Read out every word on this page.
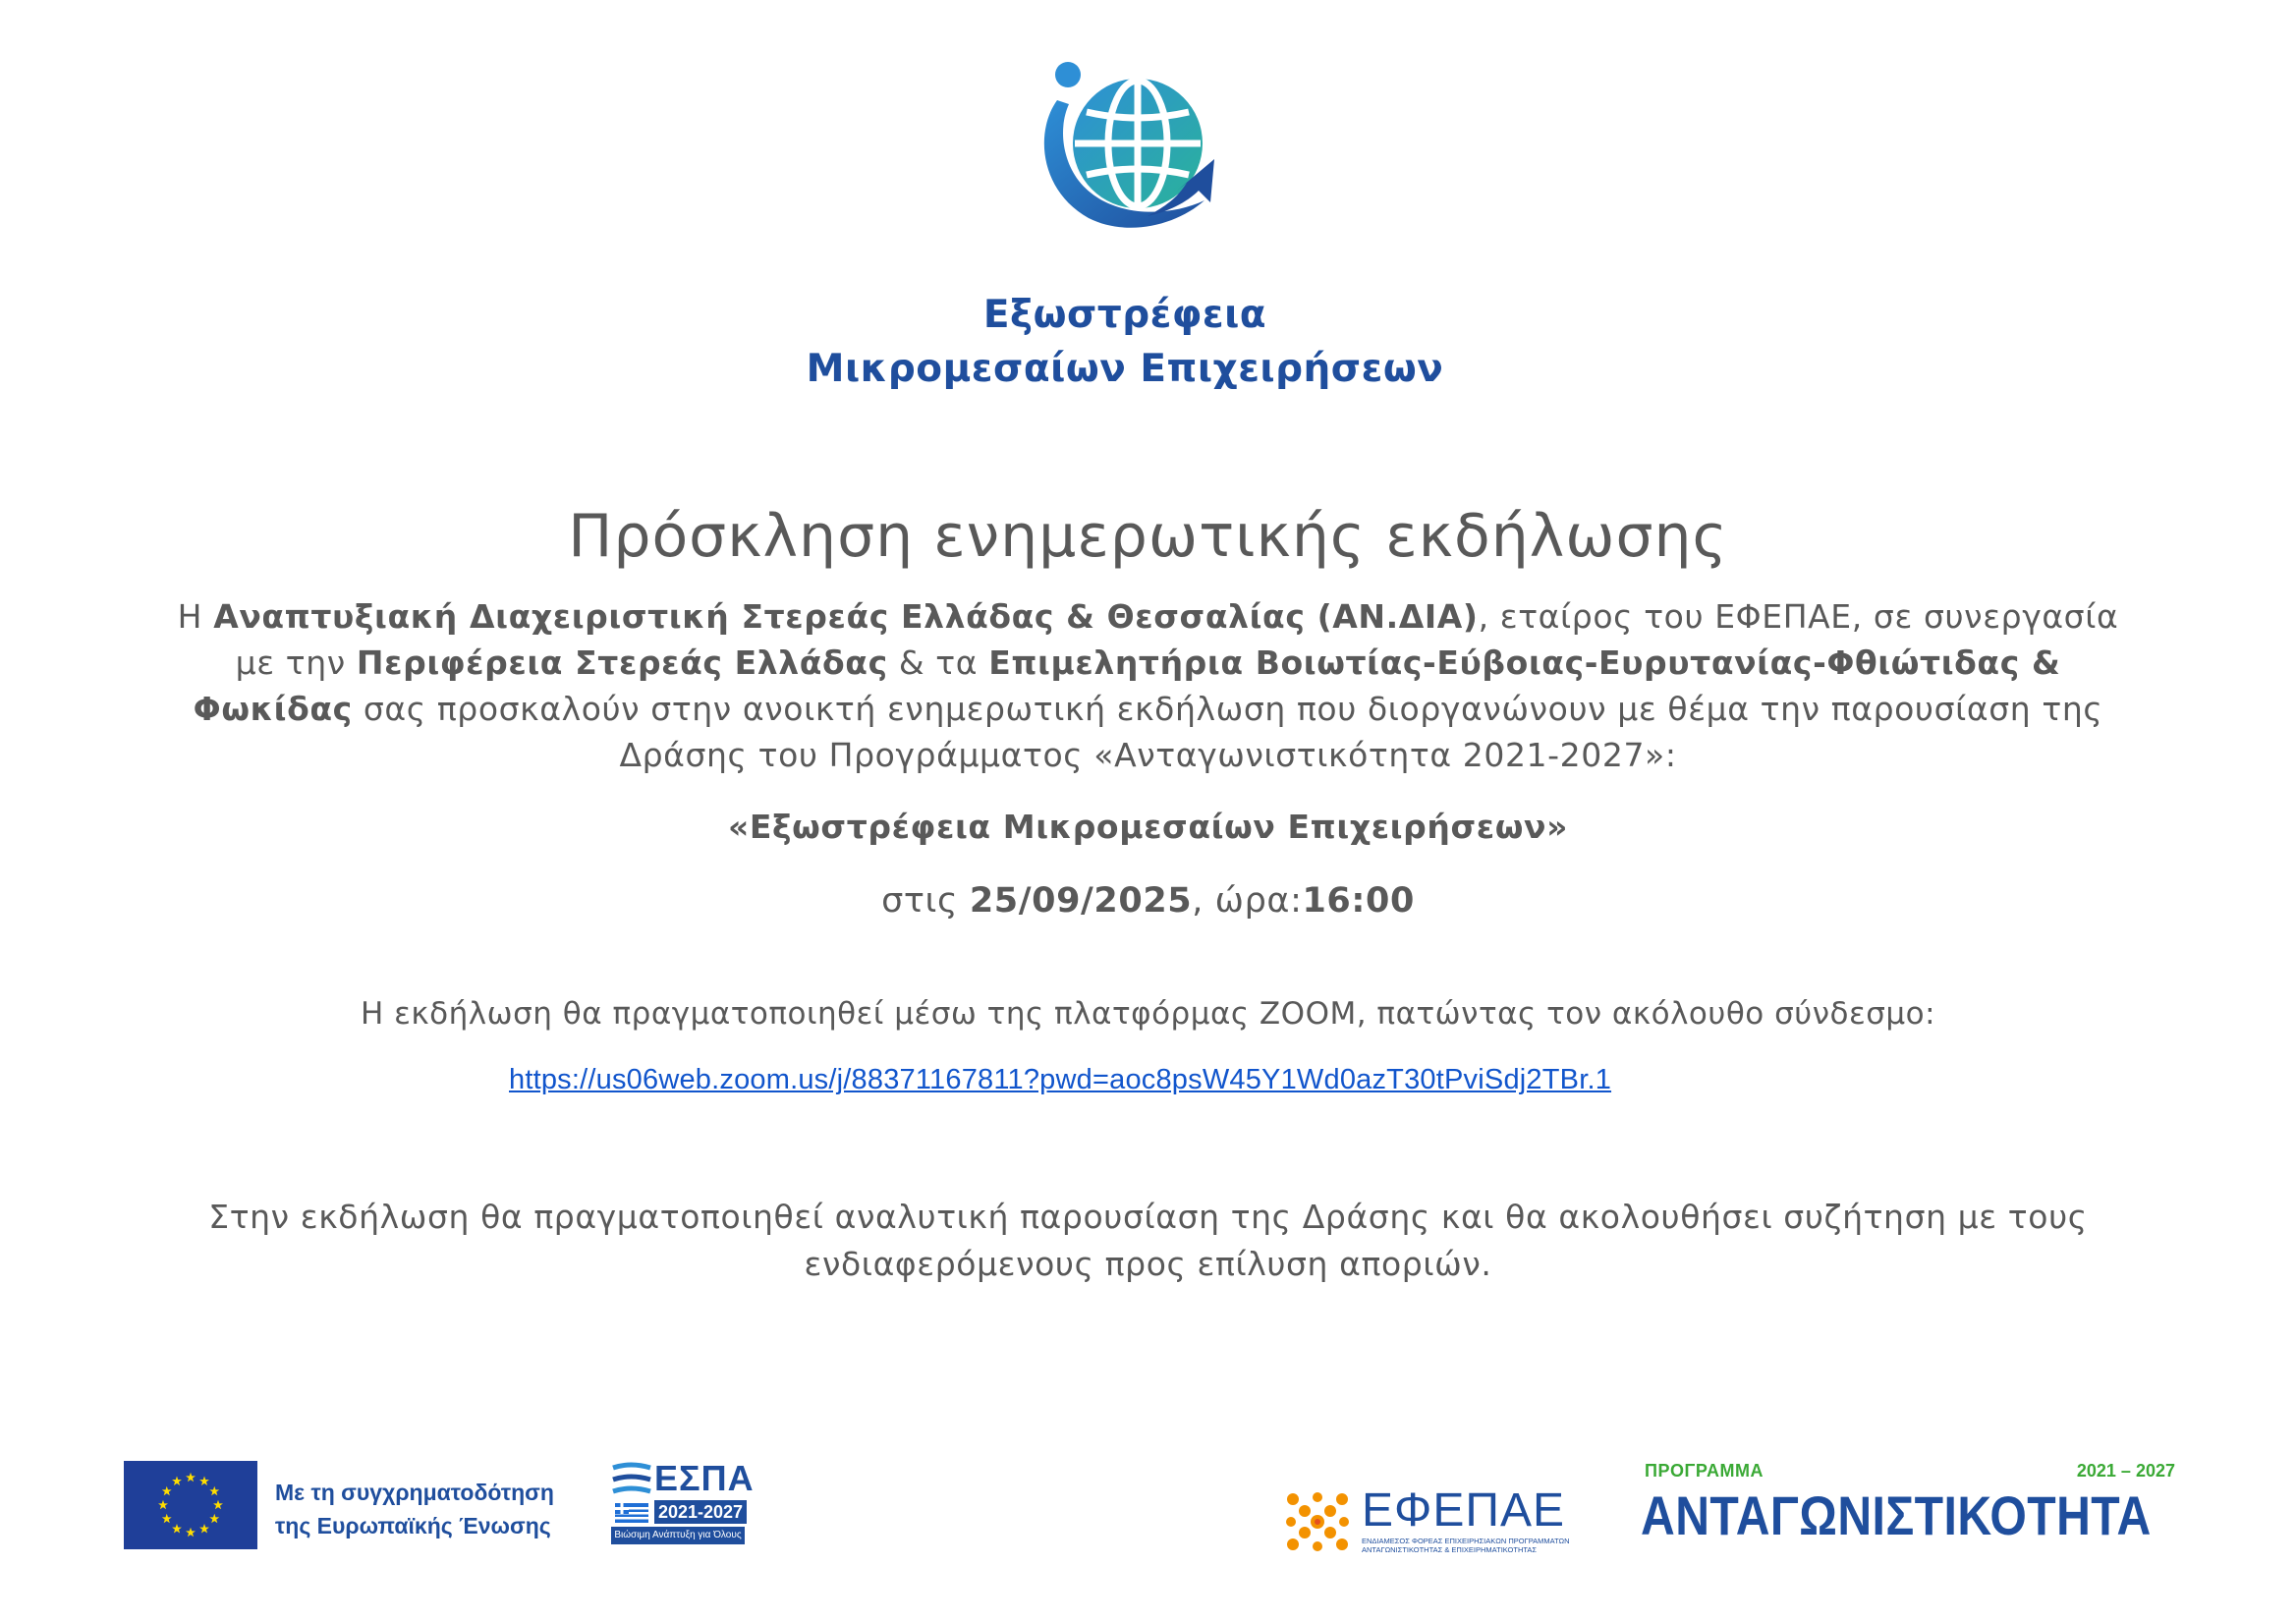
Εξωστρέφεια
Μικρομεσαίων Επιχειρήσεων
Πρόσκληση ενημερωτικής εκδήλωσης
Η Αναπτυξιακή Διαχειριστική Στερεάς Ελλάδας & Θεσσαλίας (ΑΝ.ΔΙΑ), εταίρος του ΕΦΕΠΑΕ, σε συνεργασία με την Περιφέρεια Στερεάς Ελλάδας & τα Επιμελητήρια Βοιωτίας-Εύβοιας-Ευρυτανίας-Φθιώτιδας & Φωκίδας σας προσκαλούν στην ανοικτή ενημερωτική εκδήλωση που διοργανώνουν με θέμα την παρουσίαση της Δράσης του Προγράμματος «Ανταγωνιστικότητα 2021-2027»:
«Εξωστρέφεια Μικρομεσαίων Επιχειρήσεων»
στις 25/09/2025, ώρα:16:00
Η εκδήλωση θα πραγματοποιηθεί μέσω της πλατφόρμας ZOOM, πατώντας τον ακόλουθο σύνδεσμο:
https://us06web.zoom.us/j/88371167811?pwd=aoc8psW45Y1Wd0azT30tPviSdj2TBr.1
Στην εκδήλωση θα πραγματοποιηθεί αναλυτική παρουσίαση της Δράσης και θα ακολουθήσει συζήτηση με τους ενδιαφερόμενους προς επίλυση αποριών.
Με τη συγχρηματοδότηση
της Ευρωπαϊκής Ένωσης
ΕΣΠΑ
2021-2027
Βιώσιμη Ανάπτυξη για Όλους	ΕΦΕΠΑΕ
ΕΝΔΙΑΜΕΣΟΣ ΦΟΡΕΑΣ ΕΠΙΧΕΙΡΗΣΙΑΚΩΝ ΠΡΟΓΡΑΜΜΑΤΩΝ
ΑΝΤΑΓΩΝΙΣΤΙΚΟΤΗΤΑΣ & ΕΠΙΧΕΙΡΗΜΑΤΙΚΟΤΗΤΑΣ
ΠΡΟΓΡΑΜΜΑ	2021 – 2027
ΑΝΤΑΓΩΝΙΣΤΙΚΟΤΗΤΑ
